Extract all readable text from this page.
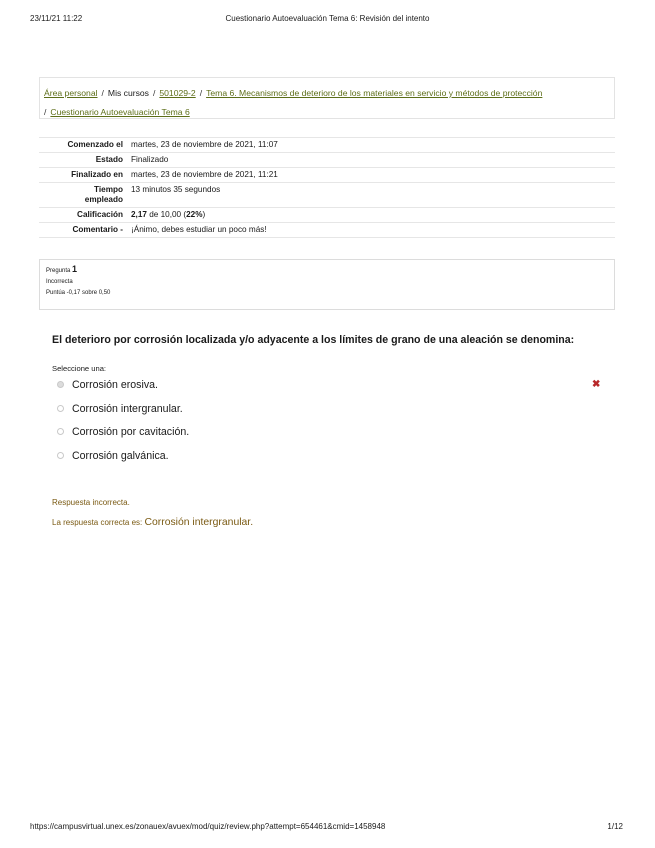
23/11/21 11:22	Cuestionario Autoevaluación Tema 6: Revisión del intento
Área personal / Mis cursos / 501029-2 / Tema 6. Mecanismos de deterioro de los materiales en servicio y métodos de protección
/ Cuestionario Autoevaluación Tema 6
Comenzado el	martes, 23 de noviembre de 2021, 11:07
Estado	Finalizado
Finalizado en	martes, 23 de noviembre de 2021, 11:21
Tiempo
empleado	13 minutos 35 segundos
Calificación	2,17 de 10,00 (22%)
Comentario -	¡Ánimo, debes estudiar un poco más!
Pregunta 1
Incorrecta
Puntúa -0,17 sobre 0,50
El deterioro por corrosión localizada y/o adyacente a los límites de grano de una aleación se denomina:
Seleccione una:
Corrosión erosiva.	✖
Corrosión intergranular.
Corrosión por cavitación.
Corrosión galvánica.
Respuesta incorrecta.
La respuesta correcta es: Corrosión intergranular.
https://campusvirtual.unex.es/zonauex/avuex/mod/quiz/review.php?attempt=654461&cmid=1458948	1/12
